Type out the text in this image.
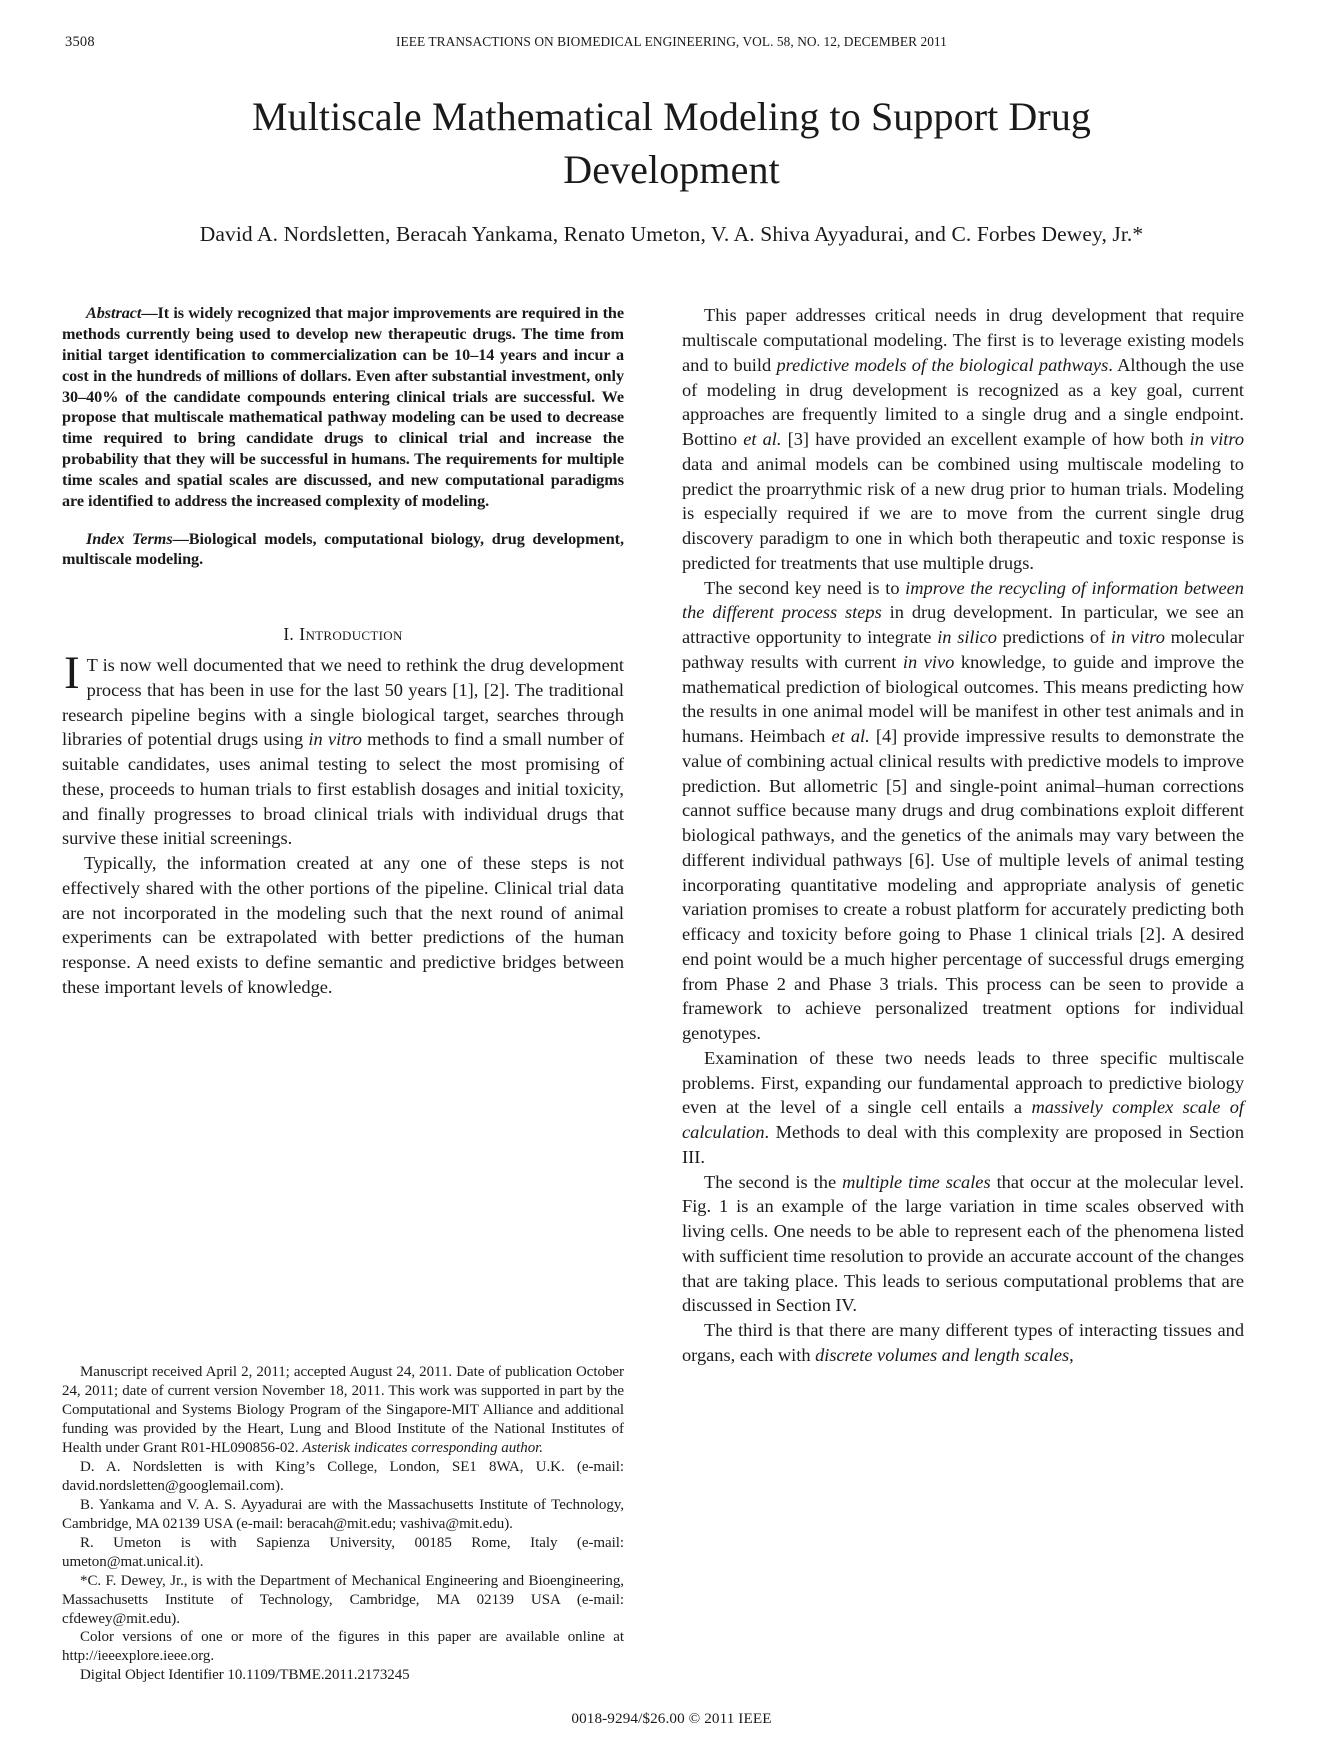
3508	IEEE TRANSACTIONS ON BIOMEDICAL ENGINEERING, VOL. 58, NO. 12, DECEMBER 2011
Multiscale Mathematical Modeling to Support Drug Development
David A. Nordsletten, Beracah Yankama, Renato Umeton, V. A. Shiva Ayyadurai, and C. Forbes Dewey, Jr.*

Abstract—It is widely recognized that major improvements are required in the methods currently being used to develop new therapeutic drugs. The time from initial target identification to commercialization can be 10–14 years and incur a cost in the hundreds of millions of dollars. Even after substantial investment, only 30–40% of the candidate compounds entering clinical trials are successful. We propose that multiscale mathematical pathway modeling can be used to decrease time required to bring candidate drugs to clinical trial and increase the probability that they will be successful in humans. The requirements for multiple time scales and spatial scales are discussed, and new computational paradigms are identified to address the increased complexity of modeling.

Index Terms—Biological models, computational biology, drug development, multiscale modeling.

I. Introduction

I T is now well documented that we need to rethink the drug development process that has been in use for the last 50 years [1], [2]. The traditional research pipeline begins with a single biological target, searches through libraries of potential drugs using in vitro methods to find a small number of suitable candidates, uses animal testing to select the most promising of these, proceeds to human trials to first establish dosages and initial toxicity, and finally progresses to broad clinical trials with individual drugs that survive these initial screenings.

Typically, the information created at any one of these steps is not effectively shared with the other portions of the pipeline. Clinical trial data are not incorporated in the modeling such that the next round of animal experiments can be extrapolated with better predictions of the human response. A need exists to define semantic and predictive bridges between these important levels of knowledge.

Manuscript received April 2, 2011; accepted August 24, 2011. Date of publication October 24, 2011; date of current version November 18, 2011. This work was supported in part by the Computational and Systems Biology Program of the Singapore-MIT Alliance and additional funding was provided by the Heart, Lung and Blood Institute of the National Institutes of Health under Grant R01-HL090856-02. Asterisk indicates corresponding author.

D. A. Nordsletten is with King’s College, London, SE1 8WA, U.K. (e-mail: david.nordsletten@googlemail.com).

B. Yankama and V. A. S. Ayyadurai are with the Massachusetts Institute of Technology, Cambridge, MA 02139 USA (e-mail: beracah@mit.edu; vashiva@mit.edu).

R. Umeton is with Sapienza University, 00185 Rome, Italy (e-mail: umeton@mat.unical.it).

*C. F. Dewey, Jr., is with the Department of Mechanical Engineering and Bioengineering, Massachusetts Institute of Technology, Cambridge, MA 02139 USA (e-mail: cfdewey@mit.edu).

Color versions of one or more of the figures in this paper are available online at http://ieeexplore.ieee.org.

Digital Object Identifier 10.1109/TBME.2011.2173245

This paper addresses critical needs in drug development that require multiscale computational modeling. The first is to leverage existing models and to build predictive models of the biological pathways. Although the use of modeling in drug development is recognized as a key goal, current approaches are frequently limited to a single drug and a single endpoint. Bottino et al. [3] have provided an excellent example of how both in vitro data and animal models can be combined using multiscale modeling to predict the proarrythmic risk of a new drug prior to human trials. Modeling is especially required if we are to move from the current single drug discovery paradigm to one in which both therapeutic and toxic response is predicted for treatments that use multiple drugs.

The second key need is to improve the recycling of information between the different process steps in drug development. In particular, we see an attractive opportunity to integrate in silico predictions of in vitro molecular pathway results with current in vivo knowledge, to guide and improve the mathematical prediction of biological outcomes. This means predicting how the results in one animal model will be manifest in other test animals and in humans. Heimbach et al. [4] provide impressive results to demonstrate the value of combining actual clinical results with predictive models to improve prediction. But allometric [5] and single-point animal–human corrections cannot suffice because many drugs and drug combinations exploit different biological pathways, and the genetics of the animals may vary between the different individual pathways [6]. Use of multiple levels of animal testing incorporating quantitative modeling and appropriate analysis of genetic variation promises to create a robust platform for accurately predicting both efficacy and toxicity before going to Phase 1 clinical trials [2]. A desired end point would be a much higher percentage of successful drugs emerging from Phase 2 and Phase 3 trials. This process can be seen to provide a framework to achieve personalized treatment options for individual genotypes.

Examination of these two needs leads to three specific multiscale problems. First, expanding our fundamental approach to predictive biology even at the level of a single cell entails a massively complex scale of calculation. Methods to deal with this complexity are proposed in Section III.

The second is the multiple time scales that occur at the molecular level. Fig. 1 is an example of the large variation in time scales observed with living cells. One needs to be able to represent each of the phenomena listed with sufficient time resolution to provide an accurate account of the changes that are taking place. This leads to serious computational problems that are discussed in Section IV.

The third is that there are many different types of interacting tissues and organs, each with discrete volumes and length scales,

0018-9294/$26.00 © 2011 IEEE
